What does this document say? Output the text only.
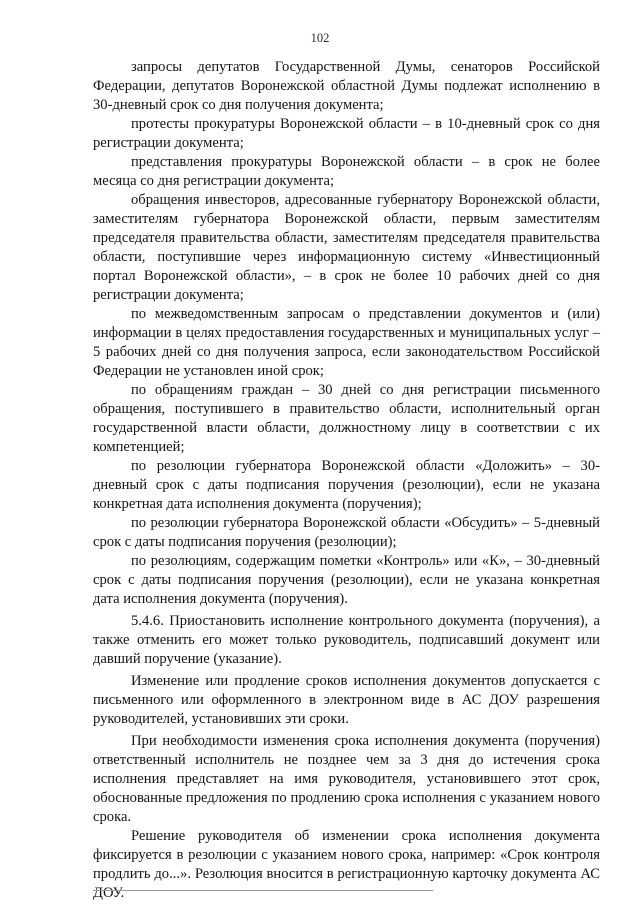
102

запросы депутатов Государственной Думы, сенаторов Российской Федерации, депутатов Воронежской областной Думы подлежат исполнению в 30-дневный срок со дня получения документа;

протесты прокуратуры Воронежской области – в 10-дневный срок со дня регистрации документа;

представления прокуратуры Воронежской области – в срок не более месяца со дня регистрации документа;

обращения инвесторов, адресованные губернатору Воронежской области, заместителям губернатора Воронежской области, первым заместителям председателя правительства области, заместителям председателя правительства области, поступившие через информационную систему «Инвестиционный портал Воронежской области», – в срок не более 10 рабочих дней со дня регистрации документа;

по межведомственным запросам о представлении документов и (или) информации в целях предоставления государственных и муниципальных услуг – 5 рабочих дней со дня получения запроса, если законодательством Российской Федерации не установлен иной срок;

по обращениям граждан – 30 дней со дня регистрации письменного обращения, поступившего в правительство области, исполнительный орган государственной власти области, должностному лицу в соответствии с их компетенцией;

по резолюции губернатора Воронежской области «Доложить» – 30-дневный срок с даты подписания поручения (резолюции), если не указана конкретная дата исполнения документа (поручения);

по резолюции губернатора Воронежской области «Обсудить» – 5-дневный срок с даты подписания поручения (резолюции);

по резолюциям, содержащим пометки «Контроль» или «К», – 30-дневный срок с даты подписания поручения (резолюции), если не указана конкретная дата исполнения документа (поручения).

5.4.6. Приостановить исполнение контрольного документа (поручения), а также отменить его может только руководитель, подписавший документ или давший поручение (указание).

Изменение или продление сроков исполнения документов допускается с письменного или оформленного в электронном виде в АС ДОУ разрешения руководителей, установивших эти сроки.

При необходимости изменения срока исполнения документа (поручения) ответственный исполнитель не позднее чем за 3 дня до истечения срока исполнения представляет на имя руководителя, установившего этот срок, обоснованные предложения по продлению срока исполнения с указанием нового срока.

Решение руководителя об изменении срока исполнения документа фиксируется в резолюции с указанием нового срока, например: «Срок контроля продлить до...». Резолюция вносится в регистрационную карточку документа АС ДОУ.
